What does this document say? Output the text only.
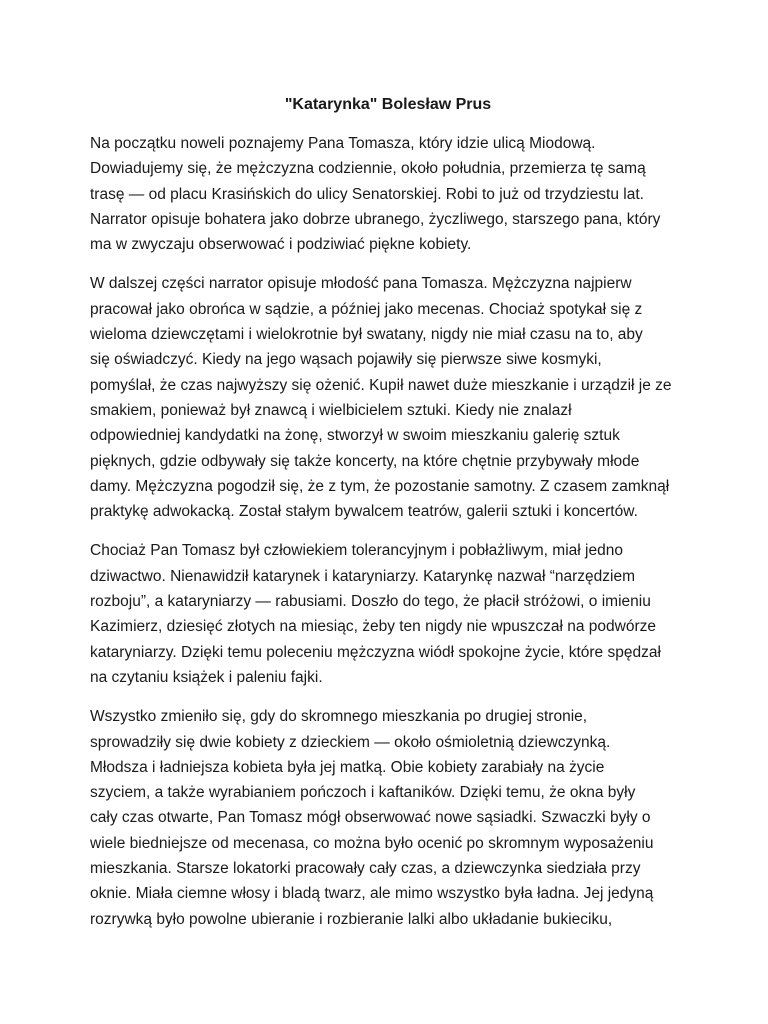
"Katarynka" Bolesław Prus

Na początku noweli poznajemy Pana Tomasza, który idzie ulicą Miodową.
Dowiadujemy się, że mężczyzna codziennie, około południa, przemierza tę samą
trasę — od placu Krasińskich do ulicy Senatorskiej. Robi to już od trzydziestu lat.
Narrator opisuje bohatera jako dobrze ubranego, życzliwego, starszego pana, który
ma w zwyczaju obserwować i podziwiać piękne kobiety.

W dalszej części narrator opisuje młodość pana Tomasza. Mężczyzna najpierw
pracował jako obrońca w sądzie, a później jako mecenas. Chociaż spotykał się z
wieloma dziewczętami i wielokrotnie był swatany, nigdy nie miał czasu na to, aby
się oświadczyć. Kiedy na jego wąsach pojawiły się pierwsze siwe kosmyki,
pomyślał, że czas najwyższy się ożenić. Kupił nawet duże mieszkanie i urządził je ze
smakiem, ponieważ był znawcą i wielbicielem sztuki. Kiedy nie znalazł
odpowiedniej kandydatki na żonę, stworzył w swoim mieszkaniu galerię sztuk
pięknych, gdzie odbywały się także koncerty, na które chętnie przybywały młode
damy. Mężczyzna pogodził się, że z tym, że pozostanie samotny. Z czasem zamknął
praktykę adwokacką. Został stałym bywalcem teatrów, galerii sztuki i koncertów.

Chociaż Pan Tomasz był człowiekiem tolerancyjnym i pobłażliwym, miał jedno
dziwactwo. Nienawidził katarynek i kataryniarzy. Katarynkę nazwał “narzędziem
rozboju”, a kataryniarzy — rabusiami. Doszło do tego, że płacił stróżowi, o imieniu
Kazimierz, dziesięć złotych na miesiąc, żeby ten nigdy nie wpuszczał na podwórze
kataryniarzy. Dzięki temu poleceniu mężczyzna wiódł spokojne życie, które spędzał
na czytaniu książek i paleniu fajki.

Wszystko zmieniło się, gdy do skromnego mieszkania po drugiej stronie,
sprowadziły się dwie kobiety z dzieckiem — około ośmioletnią dziewczynką.
Młodsza i ładniejsza kobieta była jej matką. Obie kobiety zarabiały na życie
szyciem, a także wyrabianiem pończoch i kaftaników. Dzięki temu, że okna były
cały czas otwarte, Pan Tomasz mógł obserwować nowe sąsiadki. Szwaczki były o
wiele biedniejsze od mecenasa, co można było ocenić po skromnym wyposażeniu
mieszkania. Starsze lokatorki pracowały cały czas, a dziewczynka siedziała przy
oknie. Miała ciemne włosy i bladą twarz, ale mimo wszystko była ładna. Jej jedyną
rozrywką było powolne ubieranie i rozbieranie lalki albo układanie bukieciku,
